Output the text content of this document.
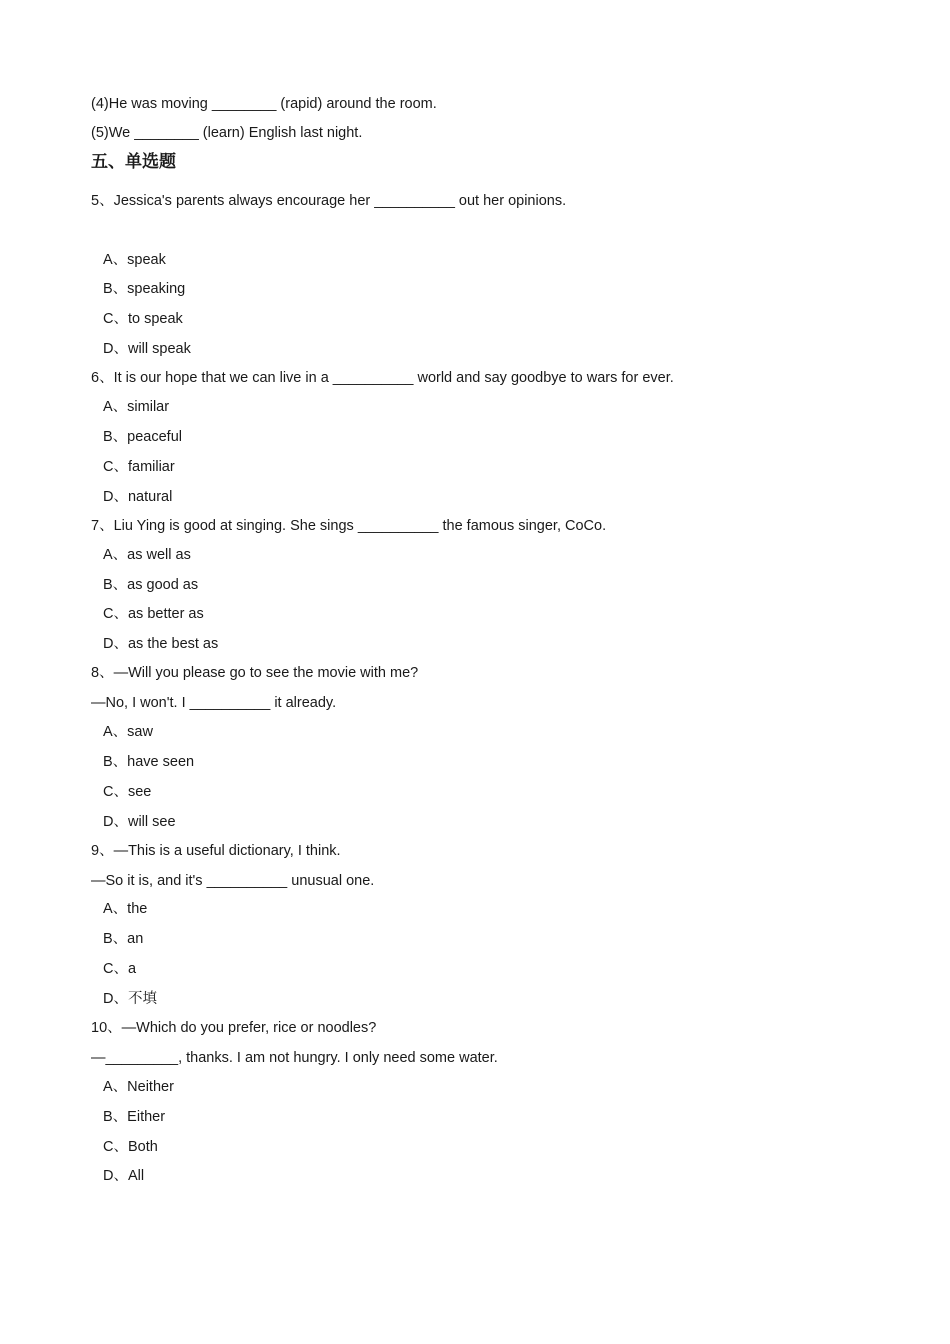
(4)He was moving ________ (rapid) around the room.
(5)We ________ (learn) English last night.
五、单选题
5、Jessica's parents always encourage her __________ out her opinions.
A、speak
B、speaking
C、to speak
D、will speak
6、It is our hope that we can live in a __________ world and say goodbye to wars for ever.
A、similar
B、peaceful
C、familiar
D、natural
7、Liu Ying is good at singing. She sings __________ the famous singer, CoCo.
A、as well as
B、as good as
C、as better as
D、as the best as
8、—Will you please go to see the movie with me?
—No, I won't. I __________ it already.
A、saw
B、have seen
C、see
D、will see
9、—This is a useful dictionary, I think.
—So it is, and it's __________ unusual one.
A、the
B、an
C、a
D、不填
10、—Which do you prefer, rice or noodles?
—_________, thanks. I am not hungry. I only need some water.
A、Neither
B、Either
C、Both
D、All
